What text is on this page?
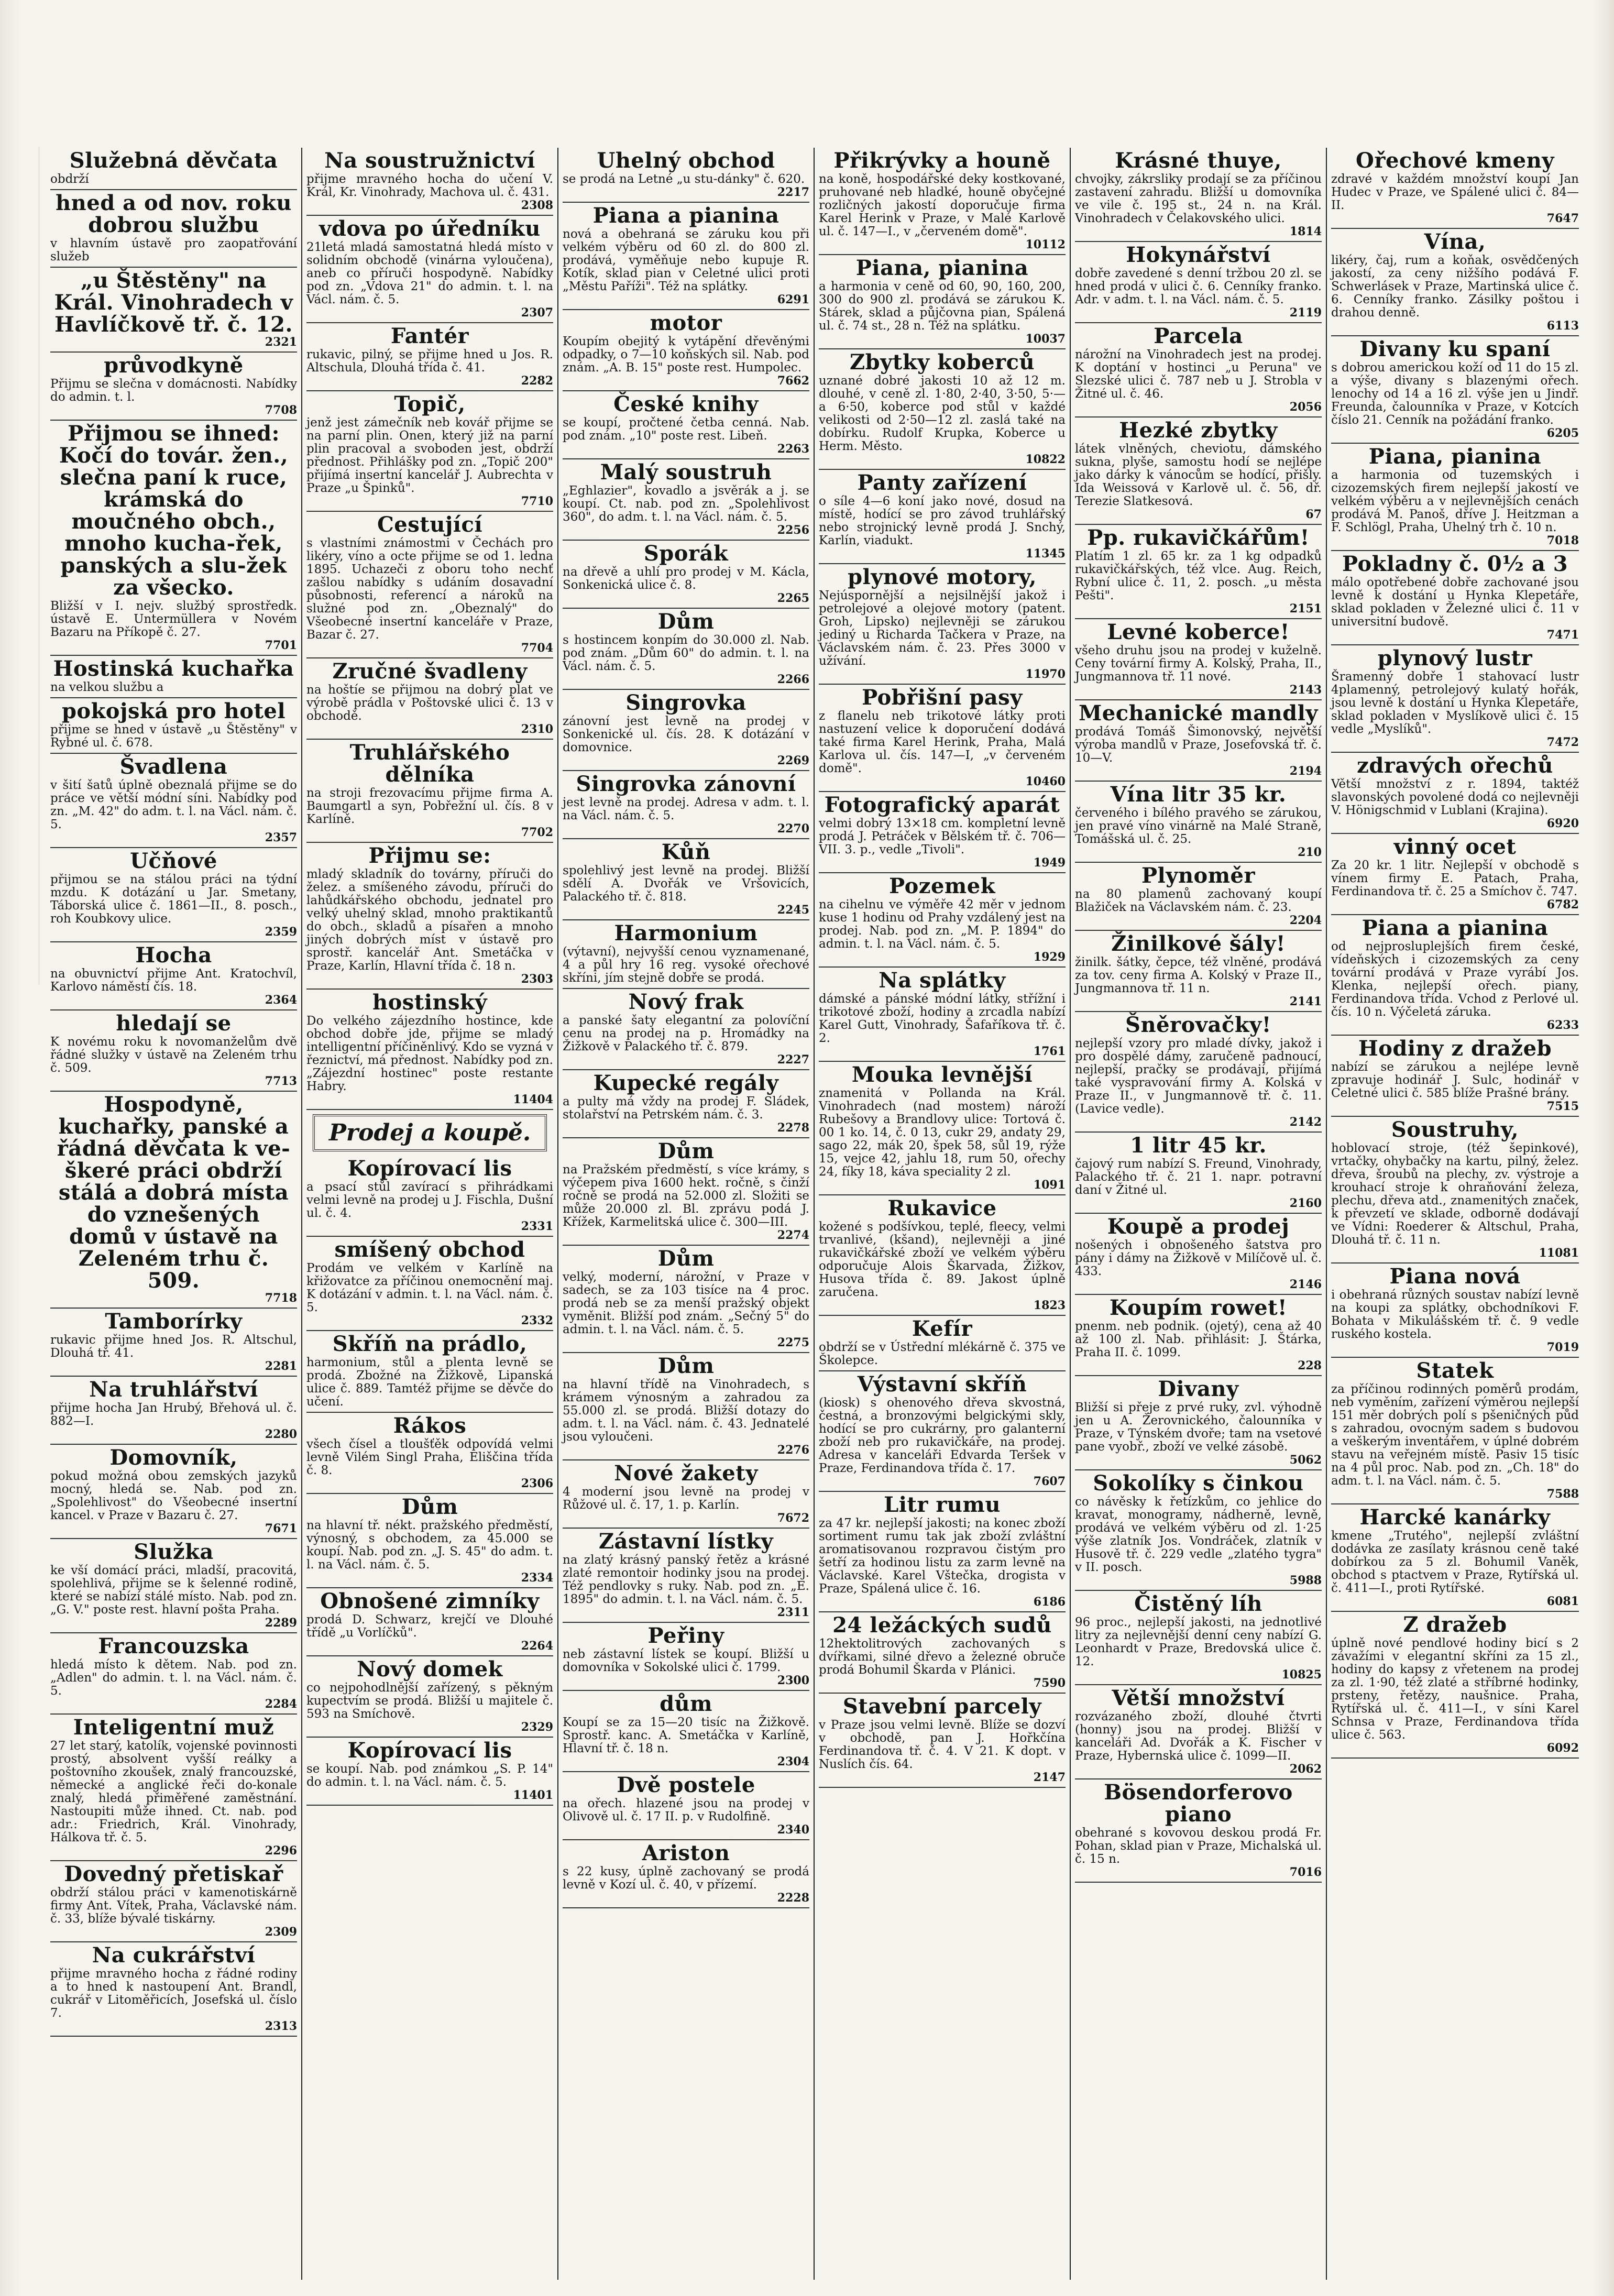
Služebná děvčata
obdrží
hned a od nov. roku dobrou službu
v hlavním ústavě pro zaopatřování služeb
„u Štěstěny" na Král. Vinohradech v Havlíčkově tř. č. 12.
2321
průvodkyně
Přijmu se slečna v domácnosti. Nabídky do admin. t. l.
7708
Přijmou se ihned: Kočí do továr. žen., slečna paní k ruce, krámská do moučného obch., mnoho kucha-řek, panských a slu-žek za všecko.
Bližší v I. nejv. službý sprostředk. ústavě E. Untermüllera v Novém Bazaru na Příkopě č. 27.
7701
Hostinská kuchařka
na velkou službu a
pokojská pro hotel
přijme se hned v ústavě „u Štěstěny" v Rybné ul. č. 678.
Švadlena
v šití šatů úplně obeznalá přijme se do práce ve větší módní síni. Nabídky pod zn. „M. 42" do adm. t. l. na Václ. nám. č. 5.
2357
Učňové
přijmou se na stálou práci na týdní mzdu. K dotázání u Jar. Smetany, Táborská ulice č. 1861—II., 8. posch., roh Koubkovy ulice.
2359
Hocha
na obuvnictví přijme Ant. Kratochvíl, Karlovo náměstí čís. 18.
2364
hledají se
K novému roku k novomanželům dvě řádné služky v ústavě na Zeleném trhu č. 509.
7713
Hospodyně, kuchařky, panské a řádná děvčata k ve-škeré práci obdrží stálá a dobrá místa do vznešených domů v ústavě na Zeleném trhu č. 509.
7718
Tamborírky
rukavic přijme hned Jos. R. Altschul, Dlouhá tř. 41.
2281
Na truhlářství
přijme hocha Jan Hrubý, Břehová ul. č. 882—I.
2280
Domovník,
pokud možná obou zemských jazyků mocný, hledá se. Nab. pod zn. „Spolehlivost" do Všeobecné insertní kancel. v Praze v Bazaru č. 27.
7671
Služka
ke vší domácí práci, mladší, pracovitá, spolehlivá, přijme se k šelenné rodině, které se nabízí stálé místo. Nab. pod zn. „G. V." poste rest. hlavní pošta Praha.
2289
Francouzska
hledá místo k dětem. Nab. pod zn. „Adlen" do admin. t. l. na Václ. nám. č. 5.
2284
Inteligentní muž
27 let starý, katolík, vojenské povinnosti prostý, absolvent vyšší reálky a poštovního zkoušek, znalý francouzské, německé a anglické řeči do-konale znalý, hledá přiměřené zaměstnání. Nastoupiti může ihned. Ct. nab. pod adr.: Friedrich, Král. Vinohrady, Hálkova tř. č. 5.
2296
Dovedný přetiskař
obdrží stálou práci v kamenotiskárně firmy Ant. Vítek, Praha, Václavské nám. č. 33, blíže bývalé tiskárny.
2309
Na cukrářství
přijme mravného hocha z řádné rodiny a to hned k nastoupení Ant. Brandl, cukrář v Litoměřicích, Josefská ul. číslo 7.
2313
Na soustružnictví
přijme mravného hocha do učení V. Král, Kr. Vinohrady, Machova ul. č. 431.
2308
vdova po úředníku
21letá mladá samostatná hledá místo v solidním obchodě (vinárna vyloučena), aneb co příruči hospodyně. Nabídky pod zn. „Vdova 21" do admin. t. l. na Václ. nám. č. 5.
2307
Fantér
rukavic, pilný, se přijme hned u Jos. R. Altschula, Dlouhá třída č. 41.
2282
Topič,
jenž jest zámečník neb kovář přijme se na parní plin. Onen, který již na parní plin pracoval a svoboden jest, obdrží přednost. Přihlášky pod zn. „Topič 200" přijímá insertní kancelář J. Aubrechta v Praze „u Špinků".
7710
Cestující
s vlastními známostmi v Čechách pro likéry, víno a octe přijme se od 1. ledna 1895. Uchazeči z oboru toho nechť zašlou nabídky s udáním dosavadní působnosti, referencí a nároků na služné pod zn. „Obeznalý" do Všeobecné insertní kanceláře v Praze, Bazar č. 27.
7704
Zručné švadleny
na hoštíe se přijmou na dobrý plat ve výrobě prádla v Poštovské ulici č. 13 v obchodě.
2310
Truhlářského dělníka
na stroji frezovacímu přijme firma A. Baumgartl a syn, Pobřežní ul. čís. 8 v Karlíně.
7702
Přijmu se:
mladý skladník do továrny, příruči do želez. a smíšeného závodu, příruči do lahůdkářského obchodu, jednatel pro velký uhelný sklad, mnoho praktikantů do obch., skladů a písařen a mnoho jiných dobrých míst v ústavě pro sprostř. kancelář Ant. Smetáčka v Praze, Karlín, Hlavní třída č. 18 n.
2303
hostinský
Do velkého zájezdního hostince, kde obchod dobře jde, přijme se mladý intelligentní příčiněnlivý. Kdo se vyzná v řeznictví, má přednost. Nabídky pod zn. „Zájezdní hostinec" poste restante Habry.
11404
Prodej a koupě.
Kopírovací lis
a psací stůl zavírací s přihrádkami velmi levně na prodej u J. Fischla, Dušní ul. č. 4.
2331
smíšený obchod
Prodám ve velkém v Karlíně na křižovatce za příčinou onemocnění maj. K dotázání v admin. t. l. na Václ. nám. č. 5.
2332
Skříň na prádlo,
harmonium, stůl a plenta levně se prodá. Zbožné na Žižkově, Lipanská ulice č. 889. Tamtéž přijme se děvče do učení.
Rákos
všech čísel a tloušťěk odpovídá velmi levně Vilém Singl Praha, Eliščina třída č. 8.
2306
Dům
na hlavní tř. nékt. pražského předměstí, výnosný, s obchodem, za 45.000 se koupí. Nab. pod zn. „J. S. 45" do adm. t. l. na Václ. nám. č. 5.
2334
Obnošené zimníky
prodá D. Schwarz, krejčí ve Dlouhé třídě „u Vorlíčků".
2264
Nový domek
co nejpohodlnější zařízený, s pěkným kupectvím se prodá. Bližší u majitele č. 593 na Smíchově.
2329
Kopírovací lis
se koupí. Nab. pod známkou „S. P. 14" do admin. t. l. na Václ. nám. č. 5.
11401
Uhelný obchod
se prodá na Letné „u stu-dánky" č. 620.
2217
Piana a pianina
nová a obehraná se záruku kou při velkém výběru od 60 zl. do 800 zl. prodává, vyměňuje nebo kupuje R. Kotík, sklad pian v Celetné ulici proti „Městu Paříži". Též na splátky.
6291
motor
Koupím obejitý k vytápění dřevěnými odpadky, o 7—10 koňských sil. Nab. pod znám. „A. B. 15" poste rest. Humpolec.
7662
České knihy
se koupí, pročtené četba cenná. Nab. pod znám. „10" poste rest. Libeň.
2263
Malý soustruh
„Eghlazier", kovadlo a jsvěrák a j. se koupí. Ct. nab. pod zn. „Spolehlivost 360", do adm. t. l. na Václ. nám. č. 5.
2256
Sporák
na dřevě a uhlí pro prodej v M. Kácla, Sonkenická ulice č. 8.
2265
Dům
s hostincem konpím do 30.000 zl. Nab. pod znám. „Dům 60" do admin. t. l. na Václ. nám. č. 5.
2266
Singrovka
zánovní jest levně na prodej v Sonkenické ul. čís. 28. K dotázání v domovnice.
2269
Singrovka zánovní
jest levně na prodej. Adresa v adm. t. l. na Václ. nám. č. 5.
2270
Kůň
spolehlivý jest levně na prodej. Bližší sdělí A. Dvořák ve Vršovicích, Palackého tř. č. 818.
2245
Harmonium
(výtavní), nejvyšší cenou vyznamenané, 4 a půl hry 16 reg. vysoké ořechové skříni, jím stejně dobře se prodá.
Nový frak
a panské šaty elegantní za polovíční cenu na prodej na p. Hromádky na Žižkově v Palackého tř. č. 879.
2227
Kupecké regály
a pulty má vždy na prodej F. Sládek, stolařství na Petrském nám. č. 3.
2278
Dům
na Pražském předměstí, s více krámy, s výčepem piva 1600 hekt. ročně, s činží ročně se prodá na 52.000 zl. Složiti se může 20.000 zl. Bl. zprávu podá J. Křížek, Karmelitská ulice č. 300—III.
2274
Dům
velký, moderní, nárožní, v Praze v sadech, se za 103 tisíce na 4 proc. prodá neb se za menší pražský objekt vyměnit. Bližší pod znám. „Sečný 5" do admin. t. l. na Václ. nám. č. 5.
2275
Dům
na hlavní třídě na Vinohradech, s krámem výnosným a zahradou za 55.000 zl. se prodá. Bližší dotazy do adm. t. l. na Václ. nám. č. 43. Jednatelé jsou vyloučeni.
2276
Nové žakety
4 moderní jsou levně na prodej v Růžové ul. č. 17, 1. p. Karlín.
7672
Zástavní lístky
na zlatý krásný panský řetěz a krásné zlaté remontoir hodinky jsou na prodej. Též pendlovky s ruky. Nab. pod zn. „E. 1895" do admin. t. l. na Václ. nám. č. 5.
2311
Peřiny
neb zástavní lístek se koupí. Bližší u domovníka v Sokolské ulici č. 1799.
2300
dům
Koupí se za 15—20 tisíc na Žižkově. Sprostř. kanc. A. Smetáčka v Karlíně, Hlavní tř. č. 18 n.
2304
Dvě postele
na ořech. hlazené jsou na prodej v Olivově ul. č. 17 II. p. v Rudolfině.
2340
Ariston
s 22 kusy, úplně zachovaný se prodá levně v Kozí ul. č. 40, v přízemí.
2228
Přikrývky a houně
na koně, hospodářské deky kostkované, pruhované neb hladké, houně obyčejné rozličných jakostí doporučuje firma Karel Herink v Praze, v Malé Karlově ul. č. 147—I., v „červeném domě".
10112
Piana, pianina
a harmonia v ceně od 60, 90, 160, 200, 300 do 900 zl. prodává se zárukou K. Stárek, sklad a půjčovna pian, Spálená ul. č. 74 st., 28 n. Též na splátku.
10037
Zbytky koberců
uznané dobré jakosti 10 až 12 m. dlouhé, v ceně zl. 1·80, 2·40, 3·50, 5·— a 6·50, koberce pod stůl v každé velikosti od 2·50—12 zl. zaslá také na dobírku. Rudolf Krupka, Koberce u Herm. Město.
10822
Panty zařízení
o síle 4—6 koní jako nové, dosud na místě, hodící se pro závod truhlářský nebo strojnický levně prodá J. Snchý, Karlín, viadukt.
11345
plynové motory,
Nejúspornější a nejsilnější jakož i petrolejové a olejové motory (patent. Groh, Lipsko) nejlevněji se zárukou jediný u Richarda Tačkera v Praze, na Václavském nám. č. 23. Přes 3000 v užívání.
11970
Pobřišní pasy
z flanelu neb trikotové látky proti nastuzení velice k doporučení dodává také firma Karel Herink, Praha, Malá Karlova ul. čís. 147—I, „v červeném domě".
10460
Fotografický aparát
velmi dobrý 13×18 cm. kompletní levně prodá J. Petráček v Bělském tř. č. 706—VII. 3. p., vedle „Tivoli".
1949
Pozemek
na cihelnu ve výměře 42 měr v jednom kuse 1 hodinu od Prahy vzdálený jest na prodej. Nab. pod zn. „M. P. 1894" do admin. t. l. na Václ. nám. č. 5.
1929
Na splátky
dámské a pánské módní látky, střížní i trikotové zboží, hodiny a zrcadla nabízí Karel Gutt, Vinohrady, Šafaříkova tř. č. 2.
1761
Mouka levnější
znamenitá v Pollanda na Král. Vinohradech (nad mostem) nároží Rubešovy a Brandlovy ulice: Tortová č. 00 1 ko. 14, č. 0 13, cukr 29, andaty 29, sago 22, mák 20, špek 58, sůl 19, rýže 15, vejce 42, jahlu 18, rum 50, ořechy 24, fíky 18, káva speciality 2 zl.
1091
Rukavice
kožené s podšívkou, teplé, fleecy, velmi trvanlivé, (kšand), nejlevněji a jiné rukavičkářské zboží ve velkém výběru odporučuje Alois Škarvada, Žižkov, Husova třída č. 89. Jakost úplně zaručena.
1823
Kefír
obdrží se v Ústřední mlékárně č. 375 ve Školepce.
Výstavní skříň
(kiosk) s ohenového dřeva skvostná, čestná, a bronzovými belgickými skly, hodící se pro cukrárny, pro galanterní zboží neb pro rukavičkáře, na prodej. Adresa v kanceláři Edvarda Teršek v Praze, Ferdinandova třída č. 17.
7607
Litr rumu
za 47 kr. nejlepší jakosti; na konec zboží sortiment rumu tak jak zboží zvláštní aromatisovanou rozpravou čistým pro šetří za hodinou listu za zarm levně na Václavské. Karel Vštečka, drogista v Praze, Spálená ulice č. 16.
6186
24 ležáckých sudů
12hektolitrových zachovaných s dvířkami, silné dřevo a železné obruče prodá Bohumil Škarda v Plánici.
7590
Stavební parcely
v Praze jsou velmi levně. Blíže se dozví v obchodě, pan J. Hořkčína Ferdinandova tř. č. 4. V 21. K dopt. v Nuslích čís. 64.
2147
Krásné thuye,
chvojky, zákrsliky prodají se za příčinou zastavení zahradu. Bližší u domovníka ve vile č. 195 st., 24 n. na Král. Vinohradech v Čelakovského ulici.
1814
Hokynářství
dobře zavedené s denní tržbou 20 zl. se hned prodá v ulici č. 6. Cenníky franko. Adr. v adm. t. l. na Václ. nám. č. 5.
2119
Parcela
nárožní na Vinohradech jest na prodej. K doptání v hostinci „u Peruna" ve Slezské ulici č. 787 neb u J. Strobla v Žitné ul. č. 46.
2056
Hezké zbytky
látek vlněných, cheviotu, dámského sukna, plyše, samostu hodí se nejlépe jako dárky k vánocům se hodící, přišly. Ida Weissová v Karlově ul. č. 56, dř. Terezie Slatkesová.
67
Pp. rukavičkářům!
Platím 1 zl. 65 kr. za 1 kg odpadků rukavičkářských, též vlce. Aug. Reich, Rybní ulice č. 11, 2. posch. „u města Pešti".
2151
Levné koberce!
všeho druhu jsou na prodej v kuželně. Ceny tovární firmy A. Kolský, Praha, II., Jungmannova tř. 11 nové.
2143
Mechanické mandly
prodává Tomáš Šimonovský, největší výroba mandlů v Praze, Josefovská tř. č. 10—V.
2194
Vína litr 35 kr.
červeného i bílého pravého se zárukou, jen pravé víno vinárně na Malé Straně, Tomášská ul. č. 25.
210
Plynoměr
na 80 plamenů zachovaný koupí Blažiček na Václavském nám. č. 23.
2204
Žinilkové šály!
žinilk. šátky, čepce, též vlněné, prodává za tov. ceny firma A. Kolský v Praze II., Jungmannova tř. 11 n.
2141
Šněrovačky!
nejlepší vzory pro mladé dívky, jakož i pro dospělé dámy, zaručeně padnoucí, nejlepší, pračky se prodávají, přijímá také vyspravování firmy A. Kolská v Praze II., v Jungmannově tř. č. 11. (Lavice vedle).
2142
1 litr 45 kr.
čajový rum nabízí S. Freund, Vinohrady, Palackého tř. č. 21 1. napr. potravní daní v Žitné ul.
2160
Koupě a prodej
nošených i obnošeného šatstva pro pány i dámy na Žižkově v Milíčově ul. č. 433.
2146
Koupím rowet!
pnenm. neb podnik. (ojetý), cena až 40 až 100 zl. Nab. přihlásit: J. Štárka, Praha II. č. 1099.
228
Divany
Bližší si přeje z prvé ruky, zvl. výhodně jen u A. Žerovnického, čalounníka v Praze, v Týnském dvoře; tam na vsetové pane vyobř., zboží ve velké zásobě.
5062
Sokolíky s činkou
co návěsky k řetízkům, co jehlice do kravat, monogramy, nádherně, levně, prodává ve velkém výběru od zl. 1·25 výše zlatník Jos. Vondráček, zlatník v Husově tř. č. 229 vedle „zlatého tygra" v II. posch.
5988
Čistěný líh
96 proc., nejlepší jakosti, na jednotlivé litry za nejlevnější denní ceny nabízí G. Leonhardt v Praze, Bredovská ulice č. 12.
10825
Větší množství
rozvázaného zboží, dlouhé čtvrti (honny) jsou na prodej. Bližší v kanceláři Ad. Dvořák a K. Fischer v Praze, Hybernská ulice č. 1099—II.
2062
Bösendorferovo piano
obehrané s kovovou deskou prodá Fr. Pohan, sklad pian v Praze, Michalská ul. č. 15 n.
7016
Ořechové kmeny
zdravé v každém množství koupí Jan Hudec v Praze, ve Spálené ulici č. 84—II.
7647
Vína,
likéry, čaj, rum a koňak, osvědčených jakostí, za ceny nižšího podává F. Schwerlásek v Praze, Martinská ulice č. 6. Cenníky franko. Zásilky poštou i drahou denně.
6113
Divany ku spaní
s dobrou americkou koží od 11 do 15 zl. a výše, divany s blazenými ořech. lenochy od 14 a 16 zl. výše jen u Jindř. Freunda, čalounníka v Praze, v Kotcích číslo 21. Cenník na požádání franko.
6205
Piana, pianina
a harmonia od tuzemských i cizozemských firem nejlepší jakostí ve velkém výběru a v nejlevnějších cenách prodává M. Panoš, dříve J. Heitzman a F. Schlögl, Praha, Uhelný trh č. 10 n.
7018
Pokladny č. 0½ a 3
málo opotřebené dobře zachované jsou levně k dostání u Hynka Klepetáře, sklad pokladen v Železné ulici č. 11 v universitní budově.
7471
plynový lustr
Šramenný dobře 1 stahovací lustr 4plamenný, petrolejový kulatý hořák, jsou levně k dostání u Hynka Klepetáře, sklad pokladen v Myslíkově ulici č. 15 vedle „Myslíků".
7472
zdravých ořechů
Větší množství z r. 1894, taktéž slavonských povolené dodá co nejlevněji V. Hönigschmid v Lublani (Krajina).
6920
vinný ocet
Za 20 kr. 1 litr. Nejlepší v obchodě s vínem firmy E. Patach, Praha, Ferdinandova tř. č. 25 a Smíchov č. 747.
6782
Piana a pianina
od nejprosluplejších firem české, vídeňských i cizozemských za ceny tovární prodává v Praze vyrábí Jos. Klenka, nejlepší ořech. piany, Ferdinandova třída. Vchod z Perlové ul. čís. 10 n. Výčeletá záruka.
6233
Hodiny z dražeb
nabízí se zárukou a nejlépe levně zpravuje hodinář J. Sulc, hodinář v Celetné ulici č. 585 blíže Prašné brány.
7515
Soustruhy,
hoblovací stroje, (též šepinkové), vrtačky, ohybačky na kartu, pilný, želez. dřeva, šroubů na plechy, zv. výstroje a krouhací stroje k ohraňování železa, plechu, dřeva atd., znamenitých značek, k převzetí ve sklade, odborně dodávají ve Vídni: Roederer & Altschul, Praha, Dlouhá tř. č. 11 n.
11081
Piana nová
i obehraná různých soustav nabízí levně na koupi za splátky, obchodníkovi F. Bohata v Mikulášském tř. č. 9 vedle ruského kostela.
7019
Statek
za příčinou rodinných poměrů prodám, neb vyměním, zařízení výměrou nejlepší 151 měr dobrých polí s pšeničných půd s zahradou, ovocným sadem s budovou a veškerým inventářem, v úplné dobrém stavu na veřejném místě. Pasiv 15 tisíc na 4 půl proc. Nab. pod zn. „Ch. 18" do adm. t. l. na Václ. nám. č. 5.
7588
Harcké kanárky
kmene „Trutého", nejlepší zvláštní dodávka ze zasílaty krásnou ceně také dobírkou za 5 zl. Bohumil Vaněk, obchod s ptactvem v Praze, Rytířská ul. č. 411—I., proti Rytířské.
6081
Z dražeb
úplně nové pendlové hodiny bicí s 2 závažími v elegantní skříni za 15 zl., hodiny do kapsy z vřetenem na prodej za zl. 1·90, též zlaté a stříbrné hodinky, prsteny, řetězy, naušnice. Praha, Rytířská ul. č. 411—I., v síni Karel Schnsa v Praze, Ferdinandova třída ulice č. 563.
6092
